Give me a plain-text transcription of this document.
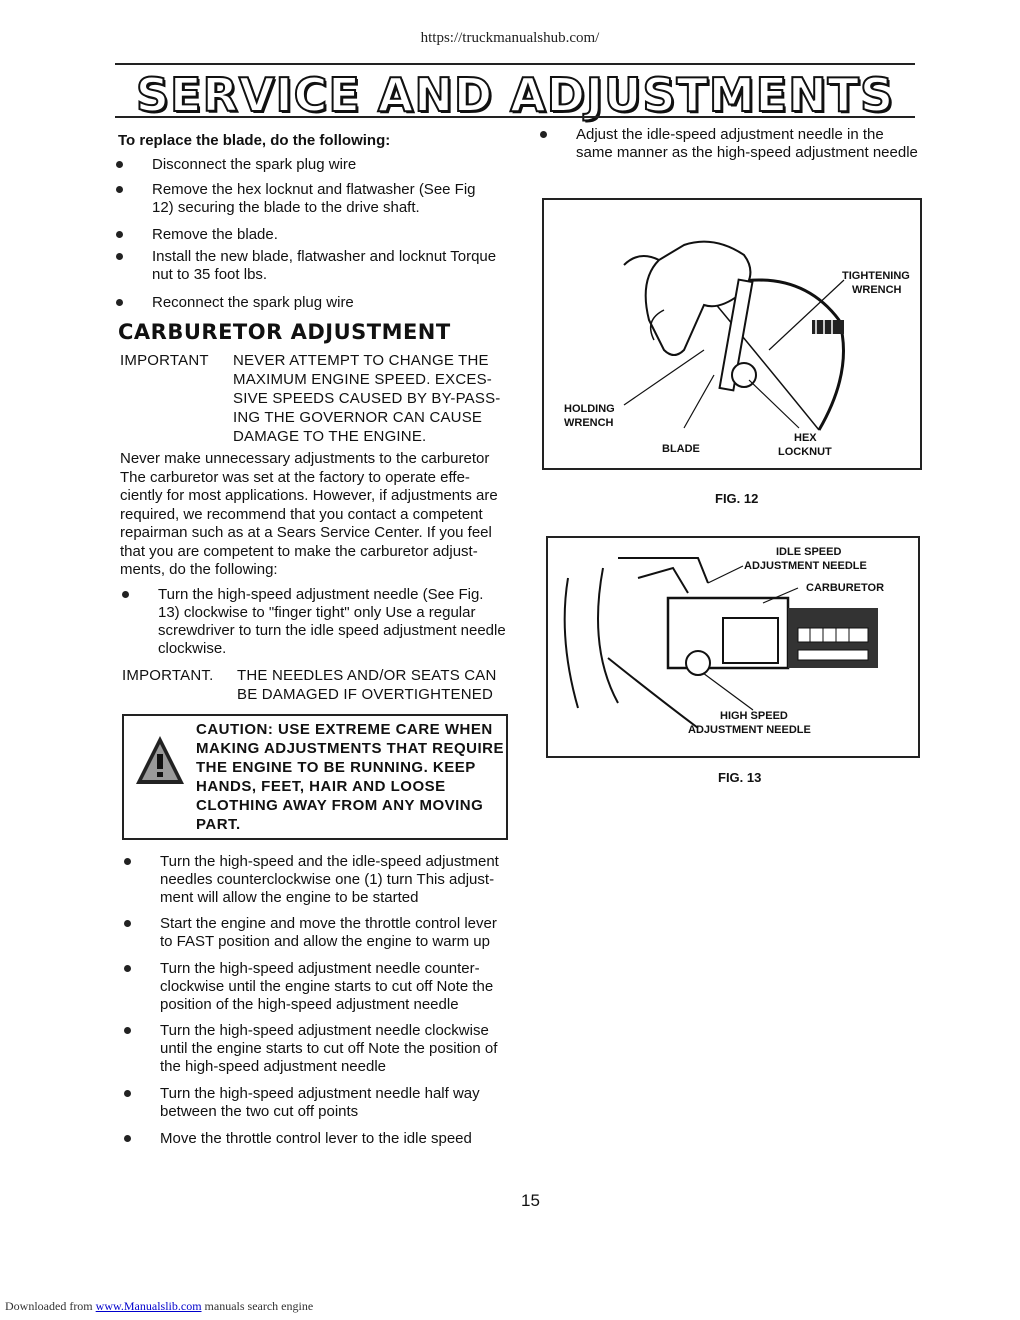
https://truckmanualshub.com/
SERVICE AND ADJUSTMENTS
To replace the blade, do the following:
Disconnect the spark plug wire
Remove the hex locknut and flatwasher (See Fig
12) securing the blade to the drive shaft.
Remove the blade.
Install the new blade, flatwasher and locknut Torque
nut to 35 foot lbs.
Reconnect the spark plug wire
CARBURETOR ADJUSTMENT
IMPORTANT NEVER ATTEMPT TO CHANGE THE
MAXIMUM ENGINE SPEED. EXCES-
SIVE SPEEDS CAUSED BY BY-PASS-
ING THE GOVERNOR CAN CAUSE
DAMAGE TO THE ENGINE.
Never make unnecessary adjustments to the carburetor
The carburetor was set at the factory to operate effe-
ciently for most applications. However, if adjustments are
required, we recommend that you contact a competent
repairman such as at a Sears Service Center. If you feel
that you are competent to make the carburetor adjust-
ments, do the following:
Turn the high-speed adjustment needle (See Fig.
13) clockwise to "finger tight" only Use a regular
screwdriver to turn the idle speed adjustment needle
clockwise.
IMPORTANT. THE NEEDLES AND/OR SEATS CAN
BE DAMAGED IF OVERTIGHTENED
CAUTION: USE EXTREME CARE WHEN
MAKING ADJUSTMENTS THAT REQUIRE
THE ENGINE TO BE RUNNING. KEEP
HANDS, FEET, HAIR AND LOOSE
CLOTHING AWAY FROM ANY MOVING
PART.
Turn the high-speed and the idle-speed adjustment
needles counterclockwise one (1) turn This adjust-
ment will allow the engine to be started
Start the engine and move the throttle control lever
to FAST position and allow the engine to warm up
Turn the high-speed adjustment needle counter-
clockwise until the engine starts to cut off Note the
position of the high-speed adjustment needle
Turn the high-speed adjustment needle clockwise
until the engine starts to cut off Note the position of
the high-speed adjustment needle
Turn the high-speed adjustment needle half way
between the two cut off points
Move the throttle control lever to the idle speed
Adjust the idle-speed adjustment needle in the
same manner as the high-speed adjustment needle
TIGHTENING
WRENCH
HOLDING
WRENCH
BLADE
HEX
LOCKNUT
FIG. 12
IDLE SPEED
ADJUSTMENT NEEDLE
CARBURETOR
HIGH SPEED
ADJUSTMENT NEEDLE
FIG. 13
15
Downloaded from www.Manualslib.com manuals search engine
